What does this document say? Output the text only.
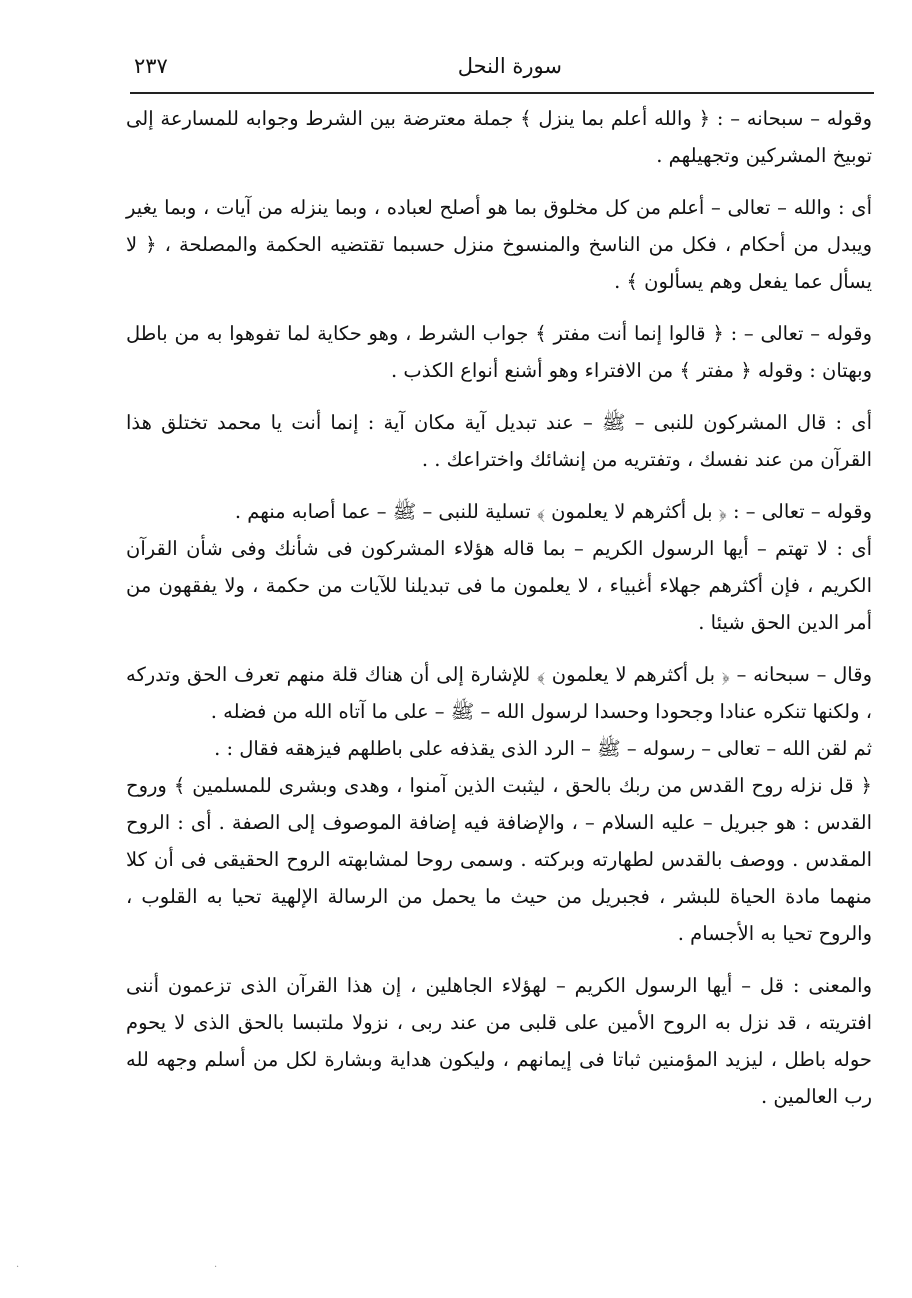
سورة النحل
٢٣٧

وقوله – سبحانه – : ﴿ والله أعلم بما ينزل ﴾ جملة معترضة بين الشرط وجوابه للمسارعة إلى توبيخ المشركين وتجهيلهم .

أى : والله – تعالى – أعلم من كل مخلوق بما هو أصلح لعباده ، وبما ينزله من آيات ، وبما يغير ويبدل من أحكام ، فكل من الناسخ والمنسوخ منزل حسبما تقتضيه الحكمة والمصلحة ، ﴿ لا يسأل عما يفعل وهم يسألون ﴾ .

وقوله – تعالى – : ﴿ قالوا إنما أنت مفتر ﴾ جواب الشرط ، وهو حكاية لما تفوهوا به من باطل وبهتان : وقوله ﴿ مفتر ﴾ من الافتراء وهو أشنع أنواع الكذب .

أى : قال المشركون للنبى – ﷺ – عند تبديل آية مكان آية : إنما أنت يا محمد تختلق هذا القرآن من عند نفسك ، وتفتريه من إنشائك واختراعك . .

وقوله – تعالى – : ﴿ بل أكثرهم لا يعلمون ﴾ تسلية للنبى – ﷺ – عما أصابه منهم .

أى : لا تهتم – أيها الرسول الكريم – بما قاله هؤلاء المشركون فى شأنك وفى شأن القرآن الكريم ، فإن أكثرهم جهلاء أغبياء ، لا يعلمون ما فى تبديلنا للآيات من حكمة ، ولا يفقهون من أمر الدين الحق شيئا .

وقال – سبحانه – ﴿ بل أكثرهم لا يعلمون ﴾ للإشارة إلى أن هناك قلة منهم تعرف الحق وتدركه ، ولكنها تنكره عنادا وجحودا وحسدا لرسول الله – ﷺ – على ما آتاه الله من فضله .

ثم لقن الله – تعالى – رسوله – ﷺ – الرد الذى يقذفه على باطلهم فيزهقه فقال : .

﴿ قل نزله روح القدس من ربك بالحق ، ليثبت الذين آمنوا ، وهدى وبشرى للمسلمين ﴾ وروح القدس : هو جبريل – عليه السلام – ، والإضافة فيه إضافة الموصوف إلى الصفة . أى : الروح المقدس . ووصف بالقدس لطهارته وبركته . وسمى روحا لمشابهته الروح الحقيقى فى أن كلا منهما مادة الحياة للبشر ، فجبريل من حيث ما يحمل من الرسالة الإلهية تحيا به القلوب ، والروح تحيا به الأجسام .

والمعنى : قل – أيها الرسول الكريم – لهؤلاء الجاهلين ، إن هذا القرآن الذى تزعمون أننى افتريته ، قد نزل به الروح الأمين على قلبى من عند ربى ، نزولا ملتبسا بالحق الذى لا يحوم حوله باطل ، ليزيد المؤمنين ثباتا فى إيمانهم ، وليكون هداية وبشارة لكل من أسلم وجهه لله رب العالمين .

·	·
